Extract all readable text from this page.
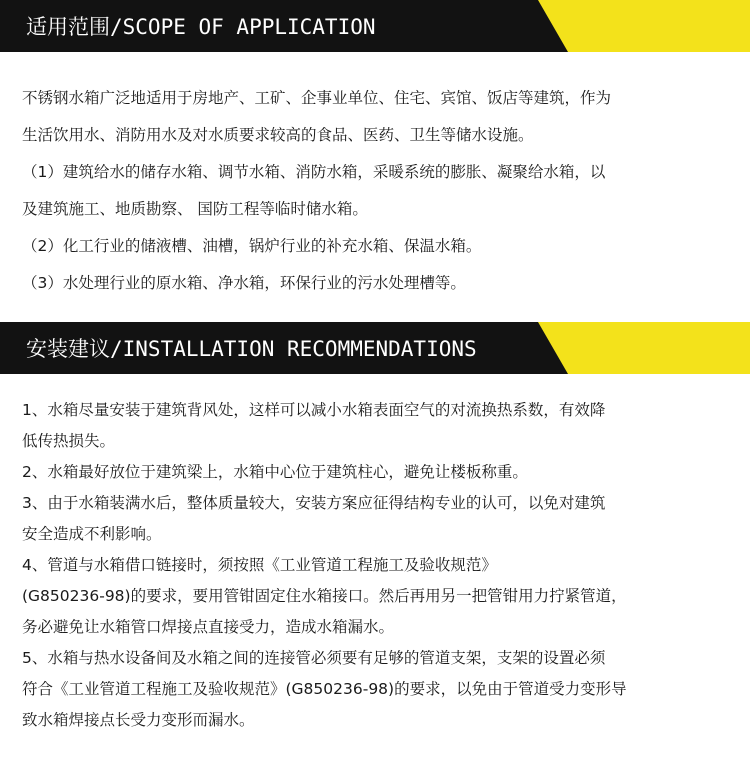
适用范围/SCOPE OF APPLICATION

不锈钢水箱广泛地适用于房地产、工矿、企事业单位、住宅、宾馆、饭店等建筑，作为

生活饮用水、消防用水及对水质要求较高的食品、医药、卫生等储水设施。

（1）建筑给水的储存水箱、调节水箱、消防水箱，采暖系统的膨胀、凝聚给水箱，以

及建筑施工、地质勘察、 国防工程等临时储水箱。

（2）化工行业的储液槽、油槽，锅炉行业的补充水箱、保温水箱。

（3）水处理行业的原水箱、净水箱，环保行业的污水处理槽等。

安装建议/INSTALLATION RECOMMENDATIONS

1、水箱尽量安装于建筑背风处，这样可以减小水箱表面空气的对流换热系数，有效降

低传热损失。

2、水箱最好放位于建筑梁上，水箱中心位于建筑柱心，避免让楼板称重。

3、由于水箱装满水后，整体质量较大，安装方案应征得结构专业的认可，以免对建筑

安全造成不利影响。

4、管道与水箱借口链接时，须按照《工业管道工程施工及验收规范》

(G850236-98)的要求，要用管钳固定住水箱接口。然后再用另一把管钳用力拧紧管道，

务必避免让水箱管口焊接点直接受力，造成水箱漏水。

5、水箱与热水设备间及水箱之间的连接管必须要有足够的管道支架，支架的设置必须

符合《工业管道工程施工及验收规范》(G850236-98)的要求，以免由于管道受力变形导

致水箱焊接点长受力变形而漏水。
